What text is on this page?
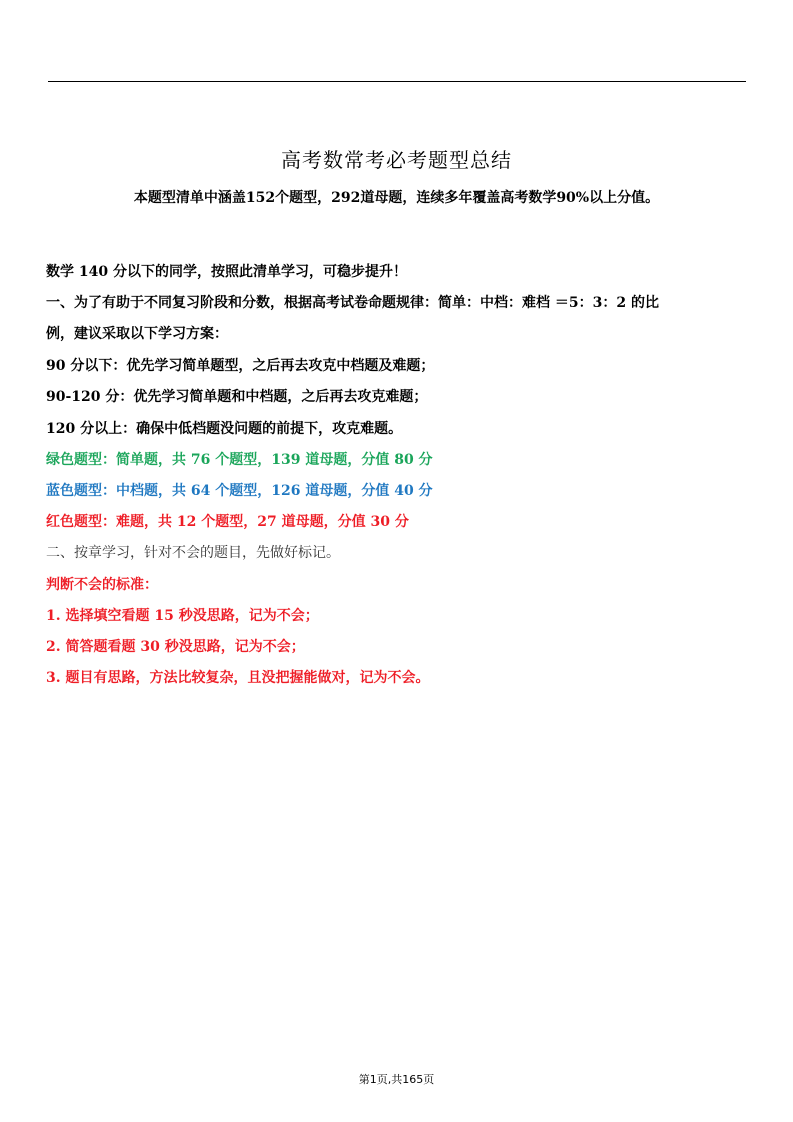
高考数常考必考题型总结
本题型清单中涵盖152个题型，292道母题，连续多年覆盖高考数学90%以上分值。
数学 140 分以下的同学，按照此清单学习，可稳步提升！
一、为了有助于不同复习阶段和分数，根据高考试卷命题规律：简单：中档：难档 ＝5：3：2 的比
例，建议采取以下学习方案：
90 分以下：优先学习简单题型，之后再去攻克中档题及难题；
90-120 分：优先学习简单题和中档题，之后再去攻克难题；
120 分以上：确保中低档题没问题的前提下，攻克难题。
绿色题型：简单题，共 76 个题型，139 道母题，分值 80 分
蓝色题型：中档题，共 64 个题型，126 道母题，分值 40 分
红色题型：难题，共 12 个题型，27 道母题，分值 30 分
二、按章学习，针对不会的题目，先做好标记。
判断不会的标准：
1. 选择填空看题 15 秒没思路，记为不会；
2. 简答题看题 30 秒没思路，记为不会；
3. 题目有思路，方法比较复杂，且没把握能做对，记为不会。
第1页,共165页
